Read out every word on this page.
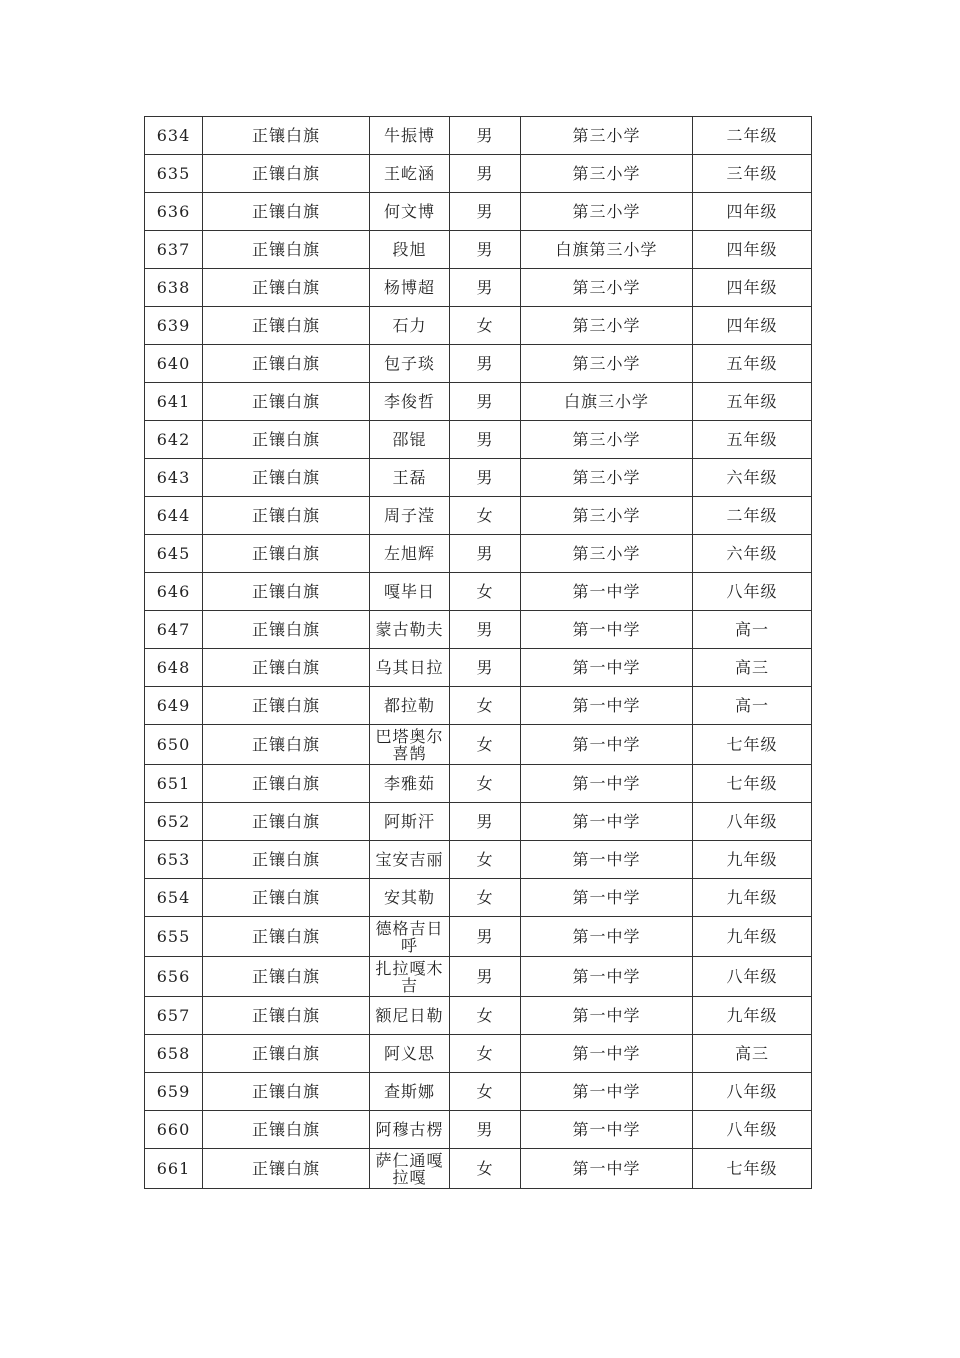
634	正镶白旗	牛振博	男	第三小学	二年级
635	正镶白旗	王屹涵	男	第三小学	三年级
636	正镶白旗	何文博	男	第三小学	四年级
637	正镶白旗	段旭	男	白旗第三小学	四年级
638	正镶白旗	杨博超	男	第三小学	四年级
639	正镶白旗	石力	女	第三小学	四年级
640	正镶白旗	包子琰	男	第三小学	五年级
641	正镶白旗	李俊哲	男	白旗三小学	五年级
642	正镶白旗	邵锟	男	第三小学	五年级
643	正镶白旗	王磊	男	第三小学	六年级
644	正镶白旗	周子滢	女	第三小学	二年级
645	正镶白旗	左旭辉	男	第三小学	六年级
646	正镶白旗	嘎毕日	女	第一中学	八年级
647	正镶白旗	蒙古勒夫	男	第一中学	高一
648	正镶白旗	乌其日拉	男	第一中学	高三
649	正镶白旗	都拉勒	女	第一中学	高一
650	正镶白旗	巴塔奥尔喜鹄	女	第一中学	七年级
651	正镶白旗	李雅茹	女	第一中学	七年级
652	正镶白旗	阿斯汗	男	第一中学	八年级
653	正镶白旗	宝安吉丽	女	第一中学	九年级
654	正镶白旗	安其勒	女	第一中学	九年级
655	正镶白旗	德格吉日呼	男	第一中学	九年级
656	正镶白旗	扎拉嘎木吉	男	第一中学	八年级
657	正镶白旗	额尼日勒	女	第一中学	九年级
658	正镶白旗	阿义思	女	第一中学	高三
659	正镶白旗	查斯娜	女	第一中学	八年级
660	正镶白旗	阿穆古楞	男	第一中学	八年级
661	正镶白旗	萨仁通嘎拉嘎	女	第一中学	七年级
